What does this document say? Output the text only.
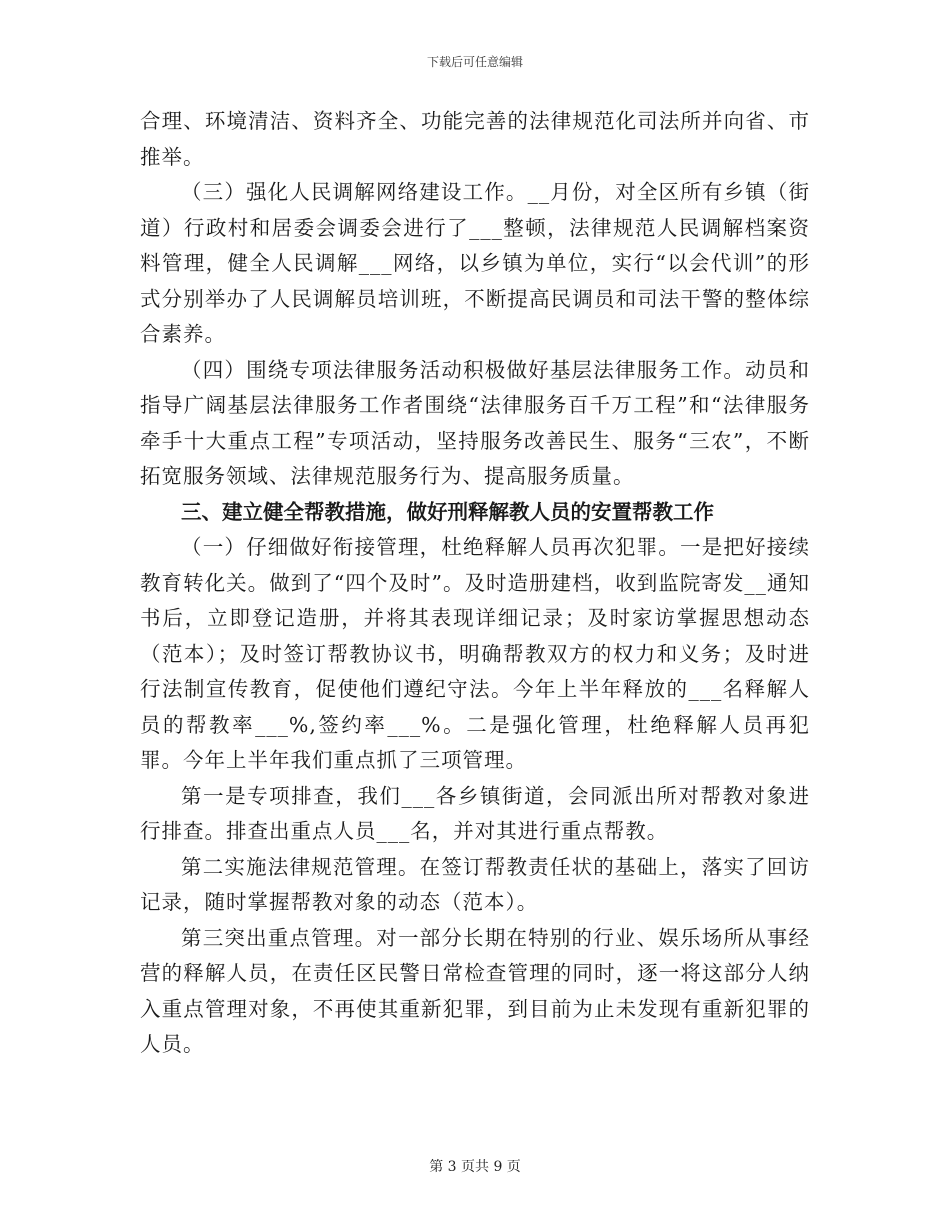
下载后可任意编辑

合理、环境清洁、资料齐全、功能完善的法律规范化司法所并向省、市推举。

（三）强化人民调解网络建设工作。__月份，对全区所有乡镇（街道）行政村和居委会调委会进行了___整顿，法律规范人民调解档案资料管理，健全人民调解___网络，以乡镇为单位，实行“以会代训”的形式分别举办了人民调解员培训班，不断提高民调员和司法干警的整体综合素养。

（四）围绕专项法律服务活动积极做好基层法律服务工作。动员和指导广阔基层法律服务工作者围绕“法律服务百千万工程”和“法律服务牵手十大重点工程”专项活动，坚持服务改善民生、服务“三农”，不断拓宽服务领域、法律规范服务行为、提高服务质量。

三、建立健全帮教措施，做好刑释解教人员的安置帮教工作

（一）仔细做好衔接管理，杜绝释解人员再次犯罪。一是把好接续教育转化关。做到了“四个及时”。及时造册建档，收到监院寄发__通知书后，立即登记造册，并将其表现详细记录；及时家访掌握思想动态（范本）；及时签订帮教协议书，明确帮教双方的权力和义务；及时进行法制宣传教育，促使他们遵纪守法。今年上半年释放的___名释解人员的帮教率___%,签约率___%。二是强化管理，杜绝释解人员再犯罪。今年上半年我们重点抓了三项管理。

第一是专项排查，我们___各乡镇街道，会同派出所对帮教对象进行排查。排查出重点人员___名，并对其进行重点帮教。

第二实施法律规范管理。在签订帮教责任状的基础上，落实了回访记录，随时掌握帮教对象的动态（范本）。

第三突出重点管理。对一部分长期在特别的行业、娱乐场所从事经营的释解人员，在责任区民警日常检查管理的同时，逐一将这部分人纳入重点管理对象，不再使其重新犯罪，到目前为止未发现有重新犯罪的人员。

第 3 页共 9 页
